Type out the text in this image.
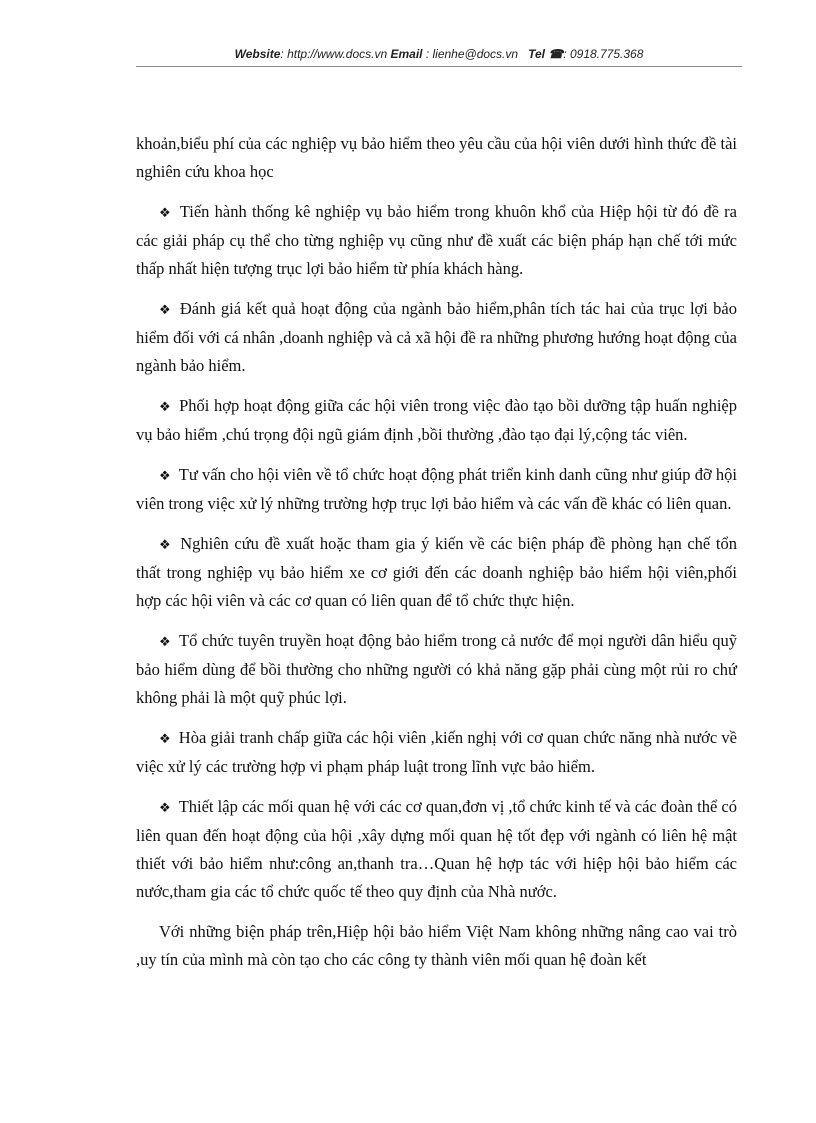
Website: http://www.docs.vn Email : lienhe@docs.vn Tel ☎: 0918.775.368

khoản,biểu phí của các nghiệp vụ bảo hiểm theo yêu cầu của hội viên dưới hình thức đề tài nghiên cứu khoa học

❖ Tiến hành thống kê nghiệp vụ bảo hiểm trong khuôn khổ của Hiệp hội từ đó đề ra các giải pháp cụ thể cho từng nghiệp vụ cũng như đề xuất các biện pháp hạn chế tới mức thấp nhất hiện tượng trục lợi bảo hiểm từ phía khách hàng.

❖ Đánh giá kết quả hoạt động của ngành bảo hiểm,phân tích tác hai của trục lợi bảo hiểm đối với cá nhân ,doanh nghiệp và cả xã hội đề ra những phương hướng hoạt động của ngành bảo hiểm.

❖ Phối hợp hoạt động giữa các hội viên trong việc đào tạo bồi dưỡng tập huấn nghiệp vụ bảo hiểm ,chú trọng đội ngũ giám định ,bồi thường ,đào tạo đại lý,cộng tác viên.

❖ Tư vấn cho hội viên về tổ chức hoạt động phát triển kinh danh cũng như giúp đỡ hội viên trong việc xử lý những trường hợp trục lợi bảo hiểm và các vấn đề khác có liên quan.

❖ Nghiên cứu đề xuất hoặc tham gia ý kiến về các biện pháp đề phòng hạn chế tổn thất trong nghiệp vụ bảo hiểm xe cơ giới đến các doanh nghiệp bảo hiểm hội viên,phối hợp các hội viên và các cơ quan có liên quan để tổ chức thực hiện.

❖ Tổ chức tuyên truyền hoạt động bảo hiểm trong cả nước để mọi người dân hiểu quỹ bảo hiểm dùng để bồi thường cho những người có khả năng gặp phải cùng một rủi ro chứ không phải là một quỹ phúc lợi.

❖ Hòa giải tranh chấp giữa các hội viên ,kiến nghị với cơ quan chức năng nhà nước về việc xử lý các trường hợp vi phạm pháp luật trong lĩnh vực bảo hiểm.

❖ Thiết lập các mối quan hệ với các cơ quan,đơn vị ,tổ chức kinh tế và các đoàn thể có liên quan đến hoạt động của hội ,xây dựng mối quan hệ tốt đẹp với ngành có liên hệ mật thiết với bảo hiểm như:công an,thanh tra…Quan hệ hợp tác với hiệp hội bảo hiểm các nước,tham gia các tổ chức quốc tế theo quy định của Nhà nước.

Với những biện pháp trên,Hiệp hội bảo hiểm Việt Nam không những nâng cao vai trò ,uy tín của mình mà còn tạo cho các công ty thành viên mối quan hệ đoàn kết
